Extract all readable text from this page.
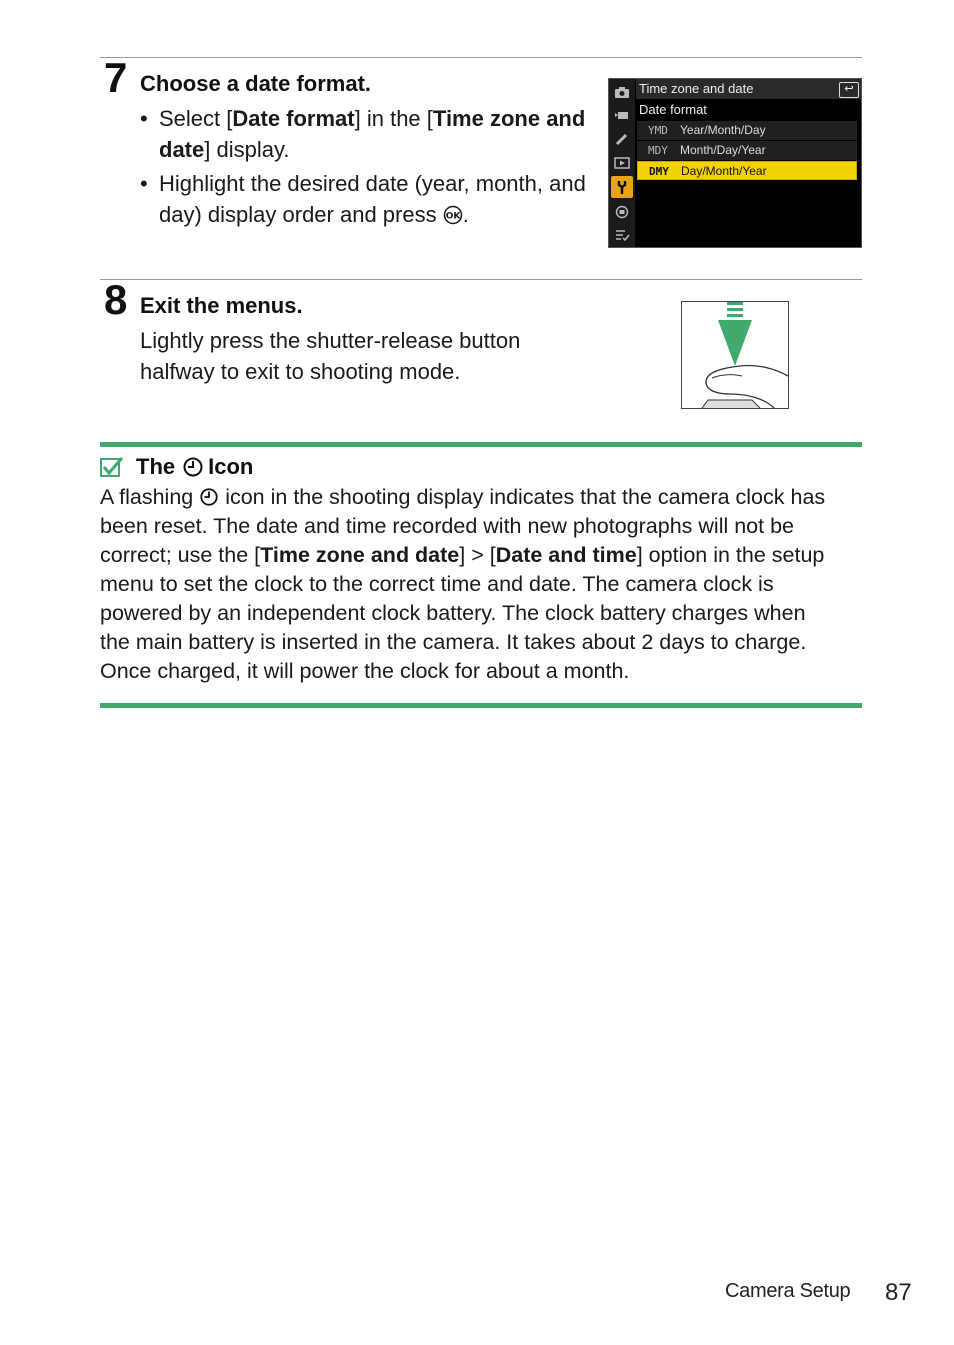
7 Choose a date format.
• Select [Date format] in the [Time zone and date] display.
• Highlight the desired date (year, month, and day) display order and press OK .
Time zone and date	↩
Date format
YMD Year/Month/Day
MDY Month/Day/Year
DMY Day/Month/Year
8 Exit the menus.
Lightly press the shutter-release button
halfway to exit to shooting mode.
The Icon
A flashing icon in the shooting display indicates that the camera clock has
been reset. The date and time recorded with new photographs will not be
correct; use the [Time zone and date] > [Date and time] option in the setup
menu to set the clock to the correct time and date. The camera clock is
powered by an independent clock battery. The clock battery charges when
the main battery is inserted in the camera. It takes about 2 days to charge.
Once charged, it will power the clock for about a month.
Camera Setup 87
